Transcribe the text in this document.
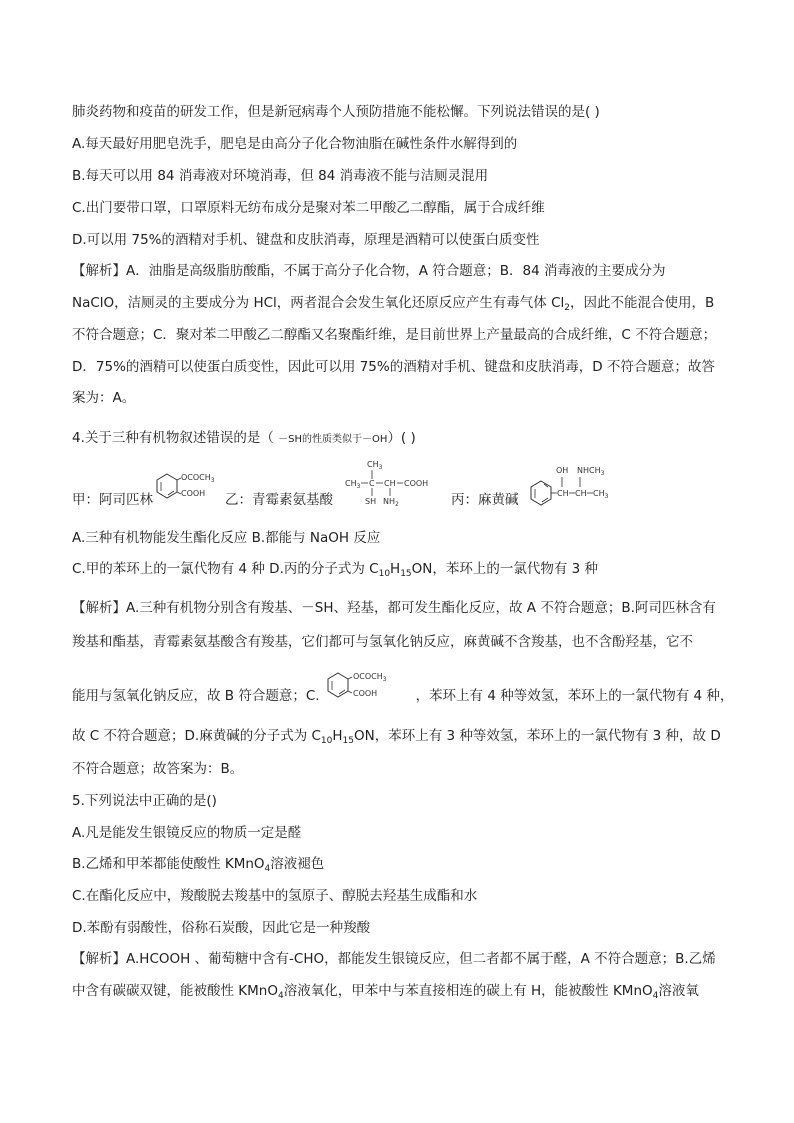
肺炎药物和疫苗的研发工作，但是新冠病毒个人预防措施不能松懈。下列说法错误的是( )
A.每天最好用肥皂洗手，肥皂是由高分子化合物油脂在碱性条件水解得到的
B.每天可以用 84 消毒液对环境消毒，但 84 消毒液不能与洁厕灵混用
C.出门要带口罩，口罩原料无纺布成分是聚对苯二甲酸乙二醇酯，属于合成纤维
D.可以用 75%的酒精对手机、键盘和皮肤消毒，原理是酒精可以使蛋白质变性
【解析】A．油脂是高级脂肪酸酯，不属于高分子化合物，A 符合题意；B．84 消毒液的主要成分为
NaClO，洁厕灵的主要成分为 HCl，两者混合会发生氧化还原反应产生有毒气体 $Cl_2$，因此不能混合使用，B
不符合题意；C．聚对苯二甲酸乙二醇酯又名聚酯纤维，是目前世界上产量最高的合成纤维，C 不符合题意；
D．75%的酒精可以使蛋白质变性，因此可以用 75%的酒精对手机、键盘和皮肤消毒，D 不符合题意；故答
案为：A。
4.关于三种有机物叙述错误的是（ －SH的性质类似于－OH）( )
甲：阿司匹林
$OCOCH_3$
COOH 乙：青霉素氨基酸
$CH_3$
$CH_3$ C CH COOH
SH $NH_2$	丙：麻黄碱	CH CH $CH_3$
OH $NHCH_3$
A.三种有机物能发生酯化反应 B.都能与 NaOH 反应
C.甲的苯环上的一氯代物有 4 种 D.丙的分子式为 $C_{10}H_{15}ON$，苯环上的一氯代物有 3 种
【解析】A.三种有机物分别含有羧基、－SH、羟基，都可发生酯化反应，故 A 不符合题意；B.阿司匹林含有
羧基和酯基，青霉素氨基酸含有羧基，它们都可与氢氧化钠反应，麻黄碱不含羧基，也不含酚羟基，它不
能用与氢氧化钠反应，故 B 符合题意；C.
$OCOCH_3$
COOH	，苯环上有 4 种等效氢，苯环上的一氯代物有 4 种，
故 C 不符合题意；D.麻黄碱的分子式为 $C_{10}H_{15}ON$，苯环上有 3 种等效氢，苯环上的一氯代物有 3 种，故 D
不符合题意；故答案为：B。
5.下列说法中正确的是()
A.凡是能发生银镜反应的物质一定是醛
B.乙烯和甲苯都能使酸性 KMnO$_4$溶液褪色
C.在酯化反应中，羧酸脱去羧基中的氢原子、醇脱去羟基生成酯和水
D.苯酚有弱酸性，俗称石炭酸，因此它是一种羧酸
【解析】A.HCOOH 、葡萄糖中含有-CHO，都能发生银镜反应，但二者都不属于醛，A 不符合题意；B.乙烯
中含有碳碳双键，能被酸性 KMnO$_4$溶液氧化，甲苯中与苯直接相连的碳上有 H，能被酸性 KMnO$_4$溶液氧
